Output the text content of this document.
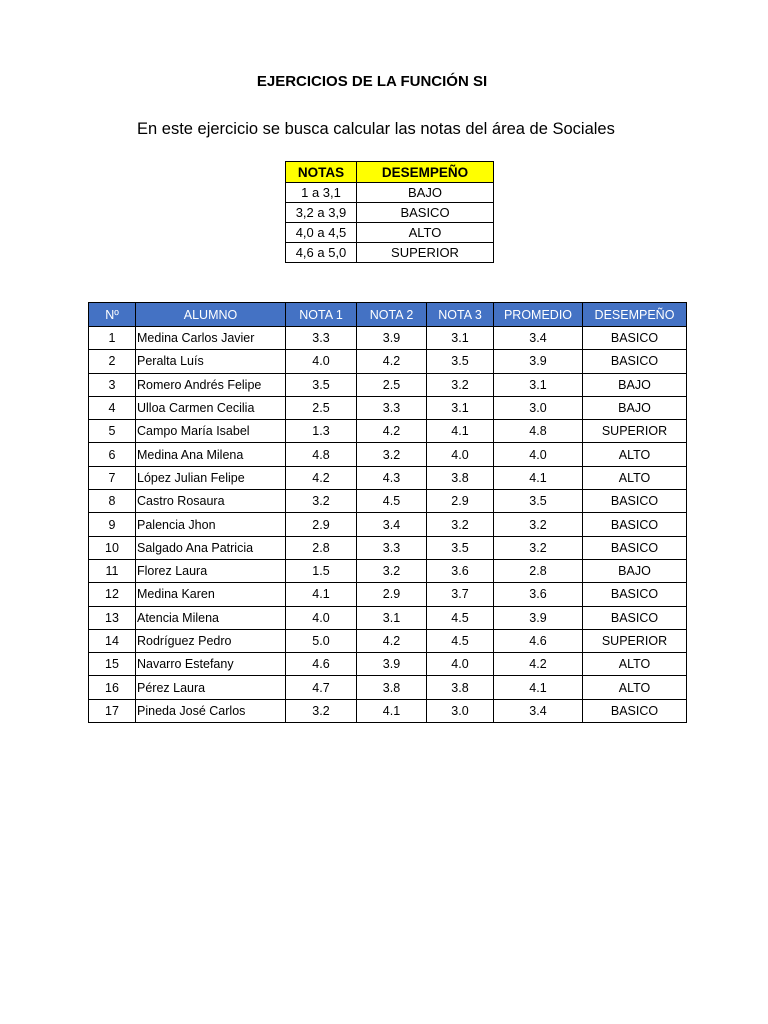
EJERCICIOS DE LA FUNCIÓN SI
En este ejercicio se busca calcular las notas del área de Sociales
NOTAS	DESEMPEÑO
1 a 3,1	BAJO
3,2 a 3,9	BASICO
4,0 a 4,5	ALTO
4,6 a 5,0	SUPERIOR
Nº	ALUMNO	NOTA 1	NOTA 2	NOTA 3	PROMEDIO	DESEMPEÑO
1	Medina Carlos Javier	3.3	3.9	3.1	3.4	BASICO
2	Peralta Luís	4.0	4.2	3.5	3.9	BASICO
3	Romero Andrés Felipe	3.5	2.5	3.2	3.1	BAJO
4	Ulloa Carmen Cecilia	2.5	3.3	3.1	3.0	BAJO
5	Campo María Isabel	1.3	4.2	4.1	4.8	SUPERIOR
6	Medina Ana Milena	4.8	3.2	4.0	4.0	ALTO
7	López Julian Felipe	4.2	4.3	3.8	4.1	ALTO
8	Castro Rosaura	3.2	4.5	2.9	3.5	BASICO
9	Palencia Jhon	2.9	3.4	3.2	3.2	BASICO
10	Salgado Ana Patricia	2.8	3.3	3.5	3.2	BASICO
11	Florez Laura	1.5	3.2	3.6	2.8	BAJO
12	Medina Karen	4.1	2.9	3.7	3.6	BASICO
13	Atencia Milena	4.0	3.1	4.5	3.9	BASICO
14	Rodríguez Pedro	5.0	4.2	4.5	4.6	SUPERIOR
15	Navarro Estefany	4.6	3.9	4.0	4.2	ALTO
16	Pérez Laura	4.7	3.8	3.8	4.1	ALTO
17	Pineda José Carlos	3.2	4.1	3.0	3.4	BASICO
